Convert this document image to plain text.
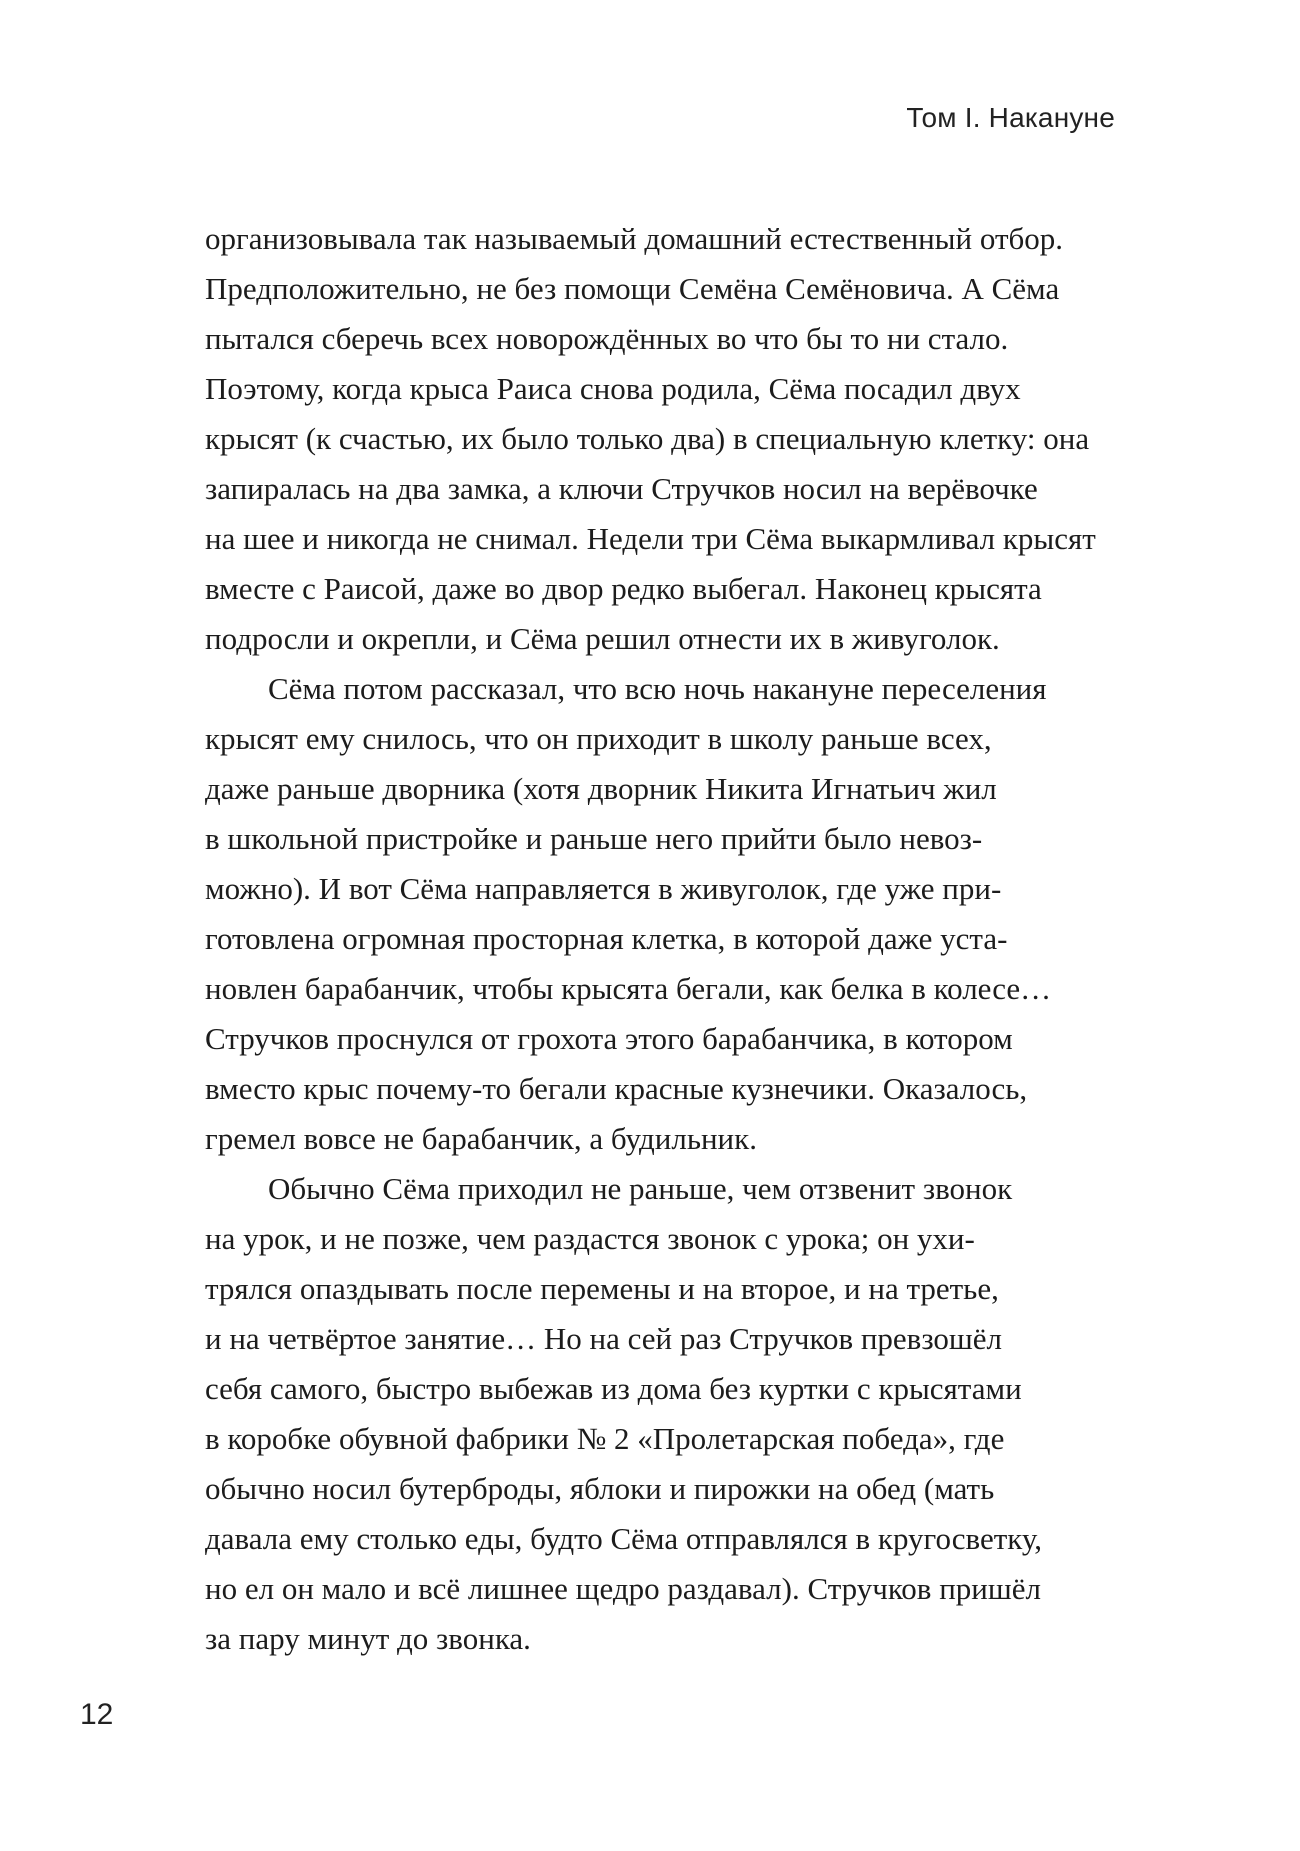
Том I. Накануне

организовывала так называемый домашний естественный отбор.
Предположительно, не без помощи Семёна Семёновича. А Сёма
пытался сберечь всех новорождённых во что бы то ни стало.
Поэтому, когда крыса Раиса снова родила, Сёма посадил двух
крысят (к счастью, их было только два) в специальную клетку: она
запиралась на два замка, а ключи Стручков носил на верёвочке
на шее и никогда не снимал. Недели три Сёма выкармливал крысят
вместе с Раисой, даже во двор редко выбегал. Наконец крысята
подросли и окрепли, и Сёма решил отнести их в живуголок.

Сёма потом рассказал, что всю ночь накануне переселения
крысят ему снилось, что он приходит в школу раньше всех,
даже раньше дворника (хотя дворник Никита Игнатьич жил
в школьной пристройке и раньше него прийти было невоз-
можно). И вот Сёма направляется в живуголок, где уже при-
готовлена огромная просторная клетка, в которой даже уста-
новлен барабанчик, чтобы крысята бегали, как белка в колесе…
Стручков проснулся от грохота этого барабанчика, в котором
вместо крыс почему-то бегали красные кузнечики. Оказалось,
гремел вовсе не барабанчик, а будильник.

Обычно Сёма приходил не раньше, чем отзвенит звонок
на урок, и не позже, чем раздастся звонок с урока; он ухи-
трялся опаздывать после перемены и на второе, и на третье,
и на четвёртое занятие… Но на сей раз Стручков превзошёл
себя самого, быстро выбежав из дома без куртки с крысятами
в коробке обувной фабрики № 2 «Пролетарская победа», где
обычно носил бутерброды, яблоки и пирожки на обед (мать
давала ему столько еды, будто Сёма отправлялся в кругосветку,
но ел он мало и всё лишнее щедро раздавал). Стручков пришёл
за пару минут до звонка.

12
